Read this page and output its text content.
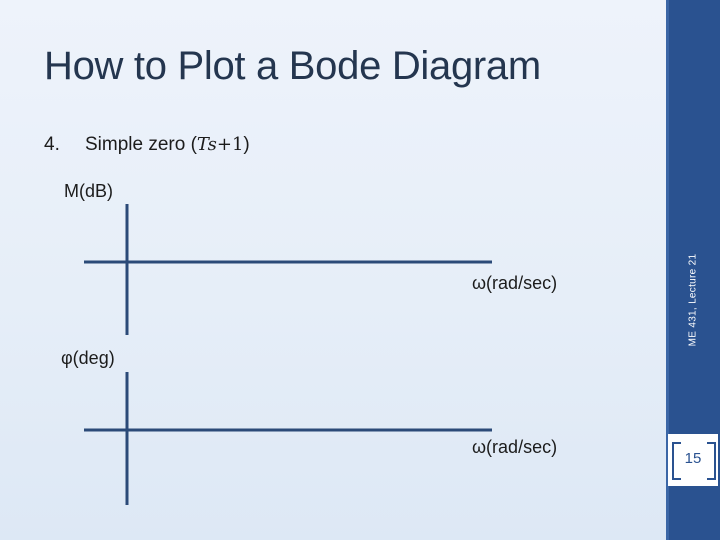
ME 431, Lecture 21
15
How to Plot a Bode Diagram
4. Simple zero (Ts+1)
M(dB)
ω(rad/sec)
φ(deg)
ω(rad/sec)
